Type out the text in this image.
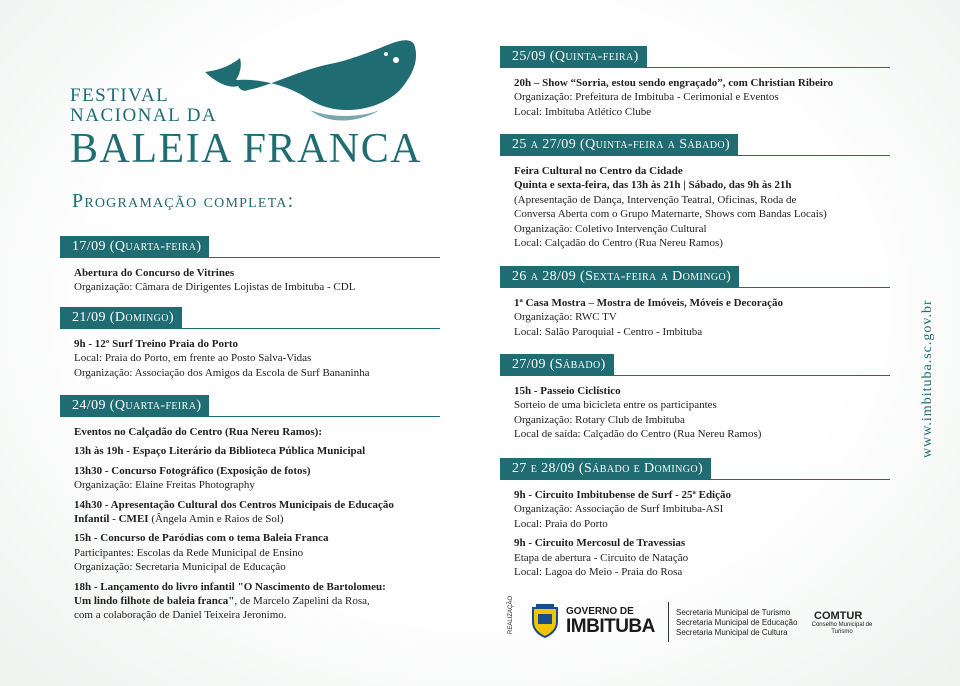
FESTIVAL
NACIONAL DA
BALEIA FRANCA
Programação completa:
17/09 (Quarta-feira)
Abertura do Concurso de Vitrines
Organização: Câmara de Dirigentes Lojistas de Imbituba - CDL
21/09 (Domingo)
9h - 12º Surf Treino Praia do Porto
Local: Praia do Porto, em frente ao Posto Salva-Vidas
Organização: Associação dos Amigos da Escola de Surf Bananinha
24/09 (Quarta-feira)
Eventos no Calçadão do Centro (Rua Nereu Ramos):
13h às 19h - Espaço Literário da Biblioteca Pública Municipal
13h30 - Concurso Fotográfico (Exposição de fotos)
Organização: Elaine Freitas Photography
14h30 - Apresentação Cultural dos Centros Municipais de Educação
Infantil - CMEI (Ângela Amin e Raios de Sol)
15h - Concurso de Paródias com o tema Baleia Franca
Participantes: Escolas da Rede Municipal de Ensino
Organização: Secretaria Municipal de Educação
18h - Lançamento do livro infantil "O Nascimento de Bartolomeu:
Um lindo filhote de baleia franca", de Marcelo Zapelini da Rosa,
com a colaboração de Daniel Teixeira Jeronimo.
25/09 (Quinta-feira)
20h – Show “Sorria, estou sendo engraçado”, com Christian Ribeiro
Organização: Prefeitura de Imbituba - Cerimonial e Eventos
Local: Imbituba Atlético Clube
25 a 27/09 (Quinta-feira a Sábado)
Feira Cultural no Centro da Cidade
Quinta e sexta-feira, das 13h às 21h | Sábado, das 9h às 21h
(Apresentação de Dança, Intervenção Teatral, Oficinas, Roda de
Conversa Aberta com o Grupo Maternarte, Shows com Bandas Locais)
Organização: Coletivo Intervenção Cultural
Local: Calçadão do Centro (Rua Nereu Ramos)
26 a 28/09 (Sexta-feira a Domingo)
1ª Casa Mostra – Mostra de Imóveis, Móveis e Decoração
Organização: RWC TV
Local: Salão Paroquial - Centro - Imbituba
27/09 (Sábado)
15h - Passeio Ciclístico
Sorteio de uma bicicleta entre os participantes
Organização: Rotary Club de Imbituba
Local de saída: Calçadão do Centro (Rua Nereu Ramos)
27 e 28/09 (Sábado e Domingo)
9h - Circuito Imbitubense de Surf - 25ª Edição
Organização: Associação de Surf Imbituba-ASI
Local: Praia do Porto
9h - Circuito Mercosul de Travessias
Etapa de abertura - Circuito de Natação
Local: Lagoa do Meio - Praia do Rosa
www.imbituba.sc.gov.br
REALIZAÇÃO	GOVERNO DE
IMBITUBA
Secretaria Municipal de Turismo
Secretaria Municipal de Educação
Secretaria Municipal de Cultura
COMTUR
Conselho Municipal de Turismo
